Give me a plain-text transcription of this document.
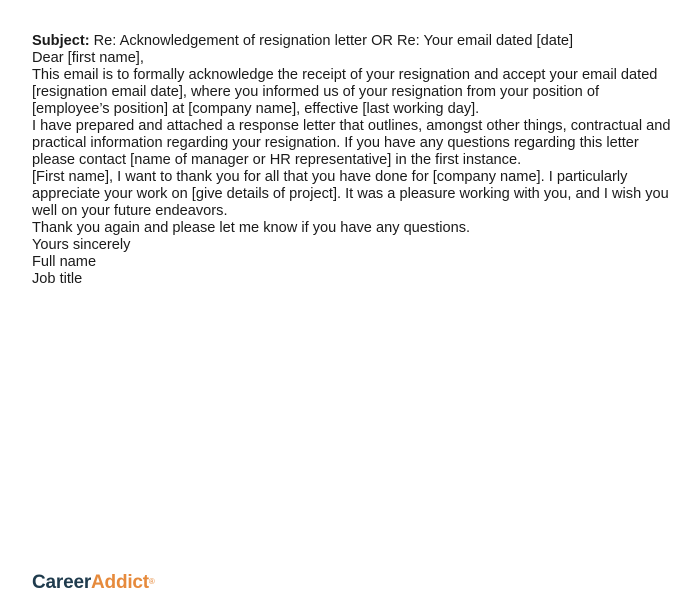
Subject: Re: Acknowledgement of resignation letter OR Re: Your email dated [date]

Dear [first name],

This email is to formally acknowledge the receipt of your resignation and accept your email dated [resignation email date], where you informed us of your resignation from your position of [employee’s position] at [company name], effective [last working day].

I have prepared and attached a response letter that outlines, amongst other things, contractual and practical information regarding your resignation. If you have any questions regarding this letter please contact [name of manager or HR representative] in the first instance.

[First name], I want to thank you for all that you have done for [company name]. I particularly appreciate your work on [give details of project]. It was a pleasure working with you, and I wish you well on your future endeavors.

Thank you again and please let me know if you have any questions.

Yours sincerely

Full name

Job title

CareerAddict®
